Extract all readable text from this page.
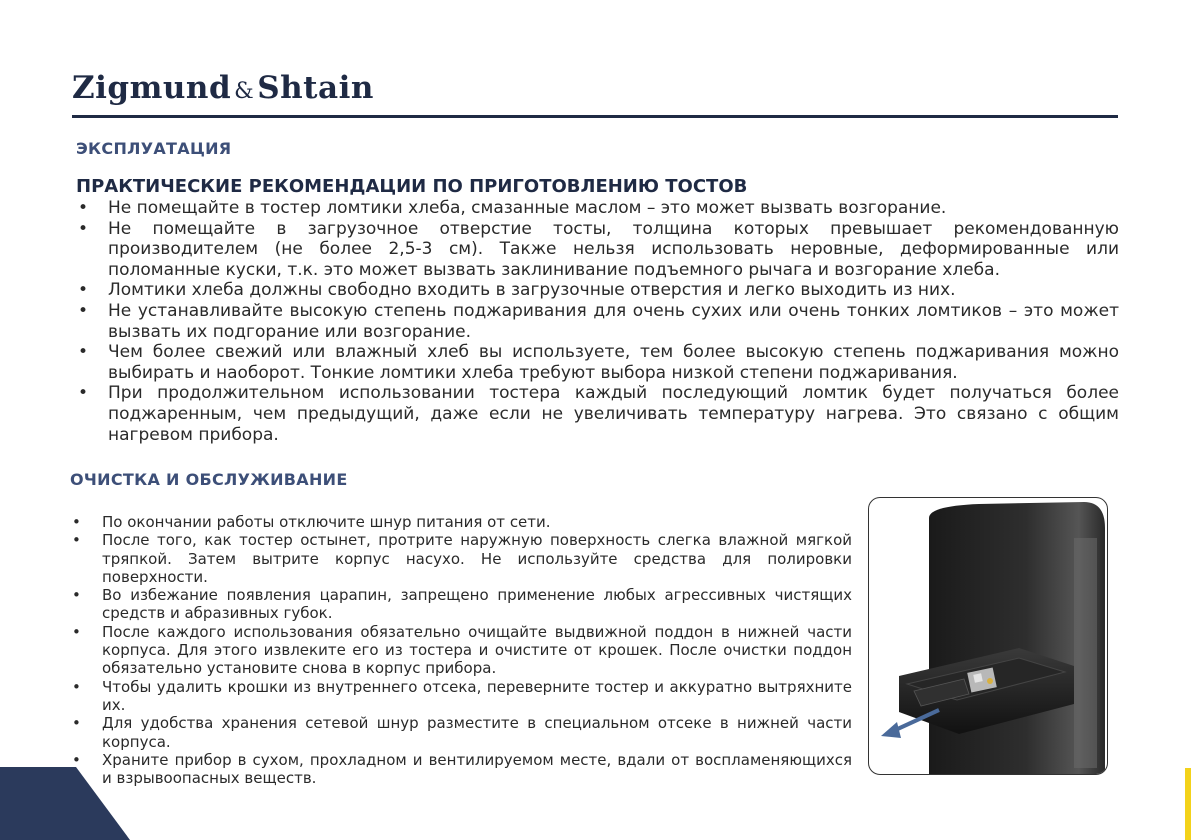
Zigmund &Shtain
ЭКСПЛУАТАЦИЯ
ПРАКТИЧЕСКИЕ РЕКОМЕНДАЦИИ ПО ПРИГОТОВЛЕНИЮ ТОСТОВ
• Не помещайте в тостер ломтики хлеба, смазанные маслом – это может вызвать возгорание.
• Не помещайте в загрузочное отверстие тосты, толщина которых превышает рекомендованную производителем (не более 2,5-3 см). Также нельзя использовать неровные, деформированные или поломанные куски, т.к. это может вызвать заклинивание подъемного рычага и возгорание хлеба.
• Ломтики хлеба должны свободно входить в загрузочные отверстия и легко выходить из них.
• Не устанавливайте высокую степень поджаривания для очень сухих или очень тонких ломтиков – это может вызвать их подгорание или возгорание.
• Чем более свежий или влажный хлеб вы используете, тем более высокую степень поджаривания можно выбирать и наоборот. Тонкие ломтики хлеба требуют выбора низкой степени поджаривания.
• При продолжительном использовании тостера каждый последующий ломтик будет получаться более поджаренным, чем предыдущий, даже если не увеличивать температуру нагрева. Это связано с общим нагревом прибора.
ОЧИСТКА И ОБСЛУЖИВАНИЕ
• По окончании работы отключите шнур питания от сети.
• После того, как тостер остынет, протрите наружную поверхность слегка влажной мягкой тряпкой. Затем вытрите корпус насухо. Не используйте средства для полировки поверхности.
• Во избежание появления царапин, запрещено применение любых агрессивных чистящих средств и абразивных губок.
• После каждого использования обязательно очищайте выдвижной поддон в нижней части корпуса. Для этого извлеките его из тостера и очистите от крошек. После очистки поддон обязательно установите снова в корпус прибора.
• Чтобы удалить крошки из внутреннего отсека, переверните тостер и аккуратно вытряхните их.
• Для удобства хранения сетевой шнур разместите в специальном отсеке в нижней части корпуса.
• Храните прибор в сухом, прохладном и вентилируемом месте, вдали от воспламеняющихся и взрывоопасных веществ.
